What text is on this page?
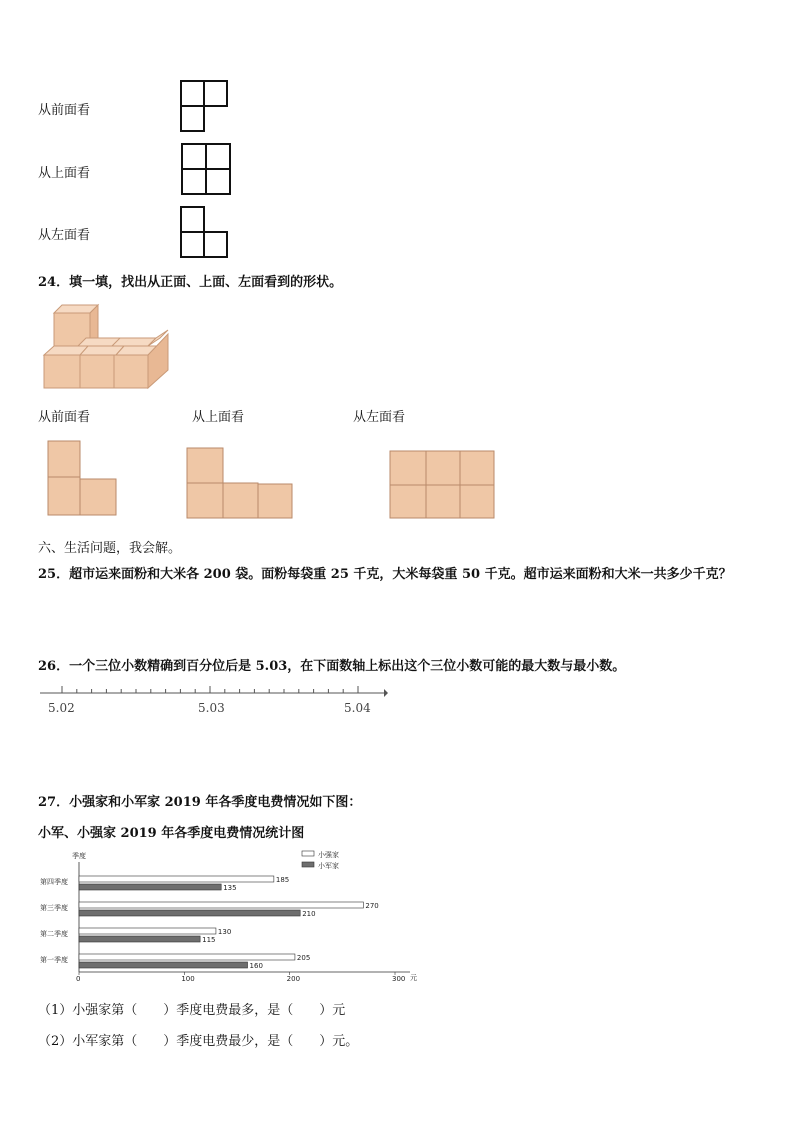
从前面看
从上面看
从左面看
24．填一填，找出从正面、上面、左面看到的形状。
从前面看	从上面看	从左面看
六、生活问题，我会解。
25．超市运来面粉和大米各 200 袋。面粉每袋重 25 千克，大米每袋重 50 千克。超市运来面粉和大米一共多少千克？
26．一个三位小数精确到百分位后是 5.03，在下面数轴上标出这个三位小数可能的最大数与最小数。
5.02	5.03	5.04
27．小强家和小军家 2019 年各季度电费情况如下图：
小军、小强家 2019 年各季度电费情况统计图
季度
元
小强家
小军家
185
135
270
210
130
115
205
160
0	100	200	300
第四季度
第三季度
第二季度
第一季度
（1）小强家第（　　）季度电费最多，是（　　）元
（2）小军家第（　　）季度电费最少，是（　　）元。
